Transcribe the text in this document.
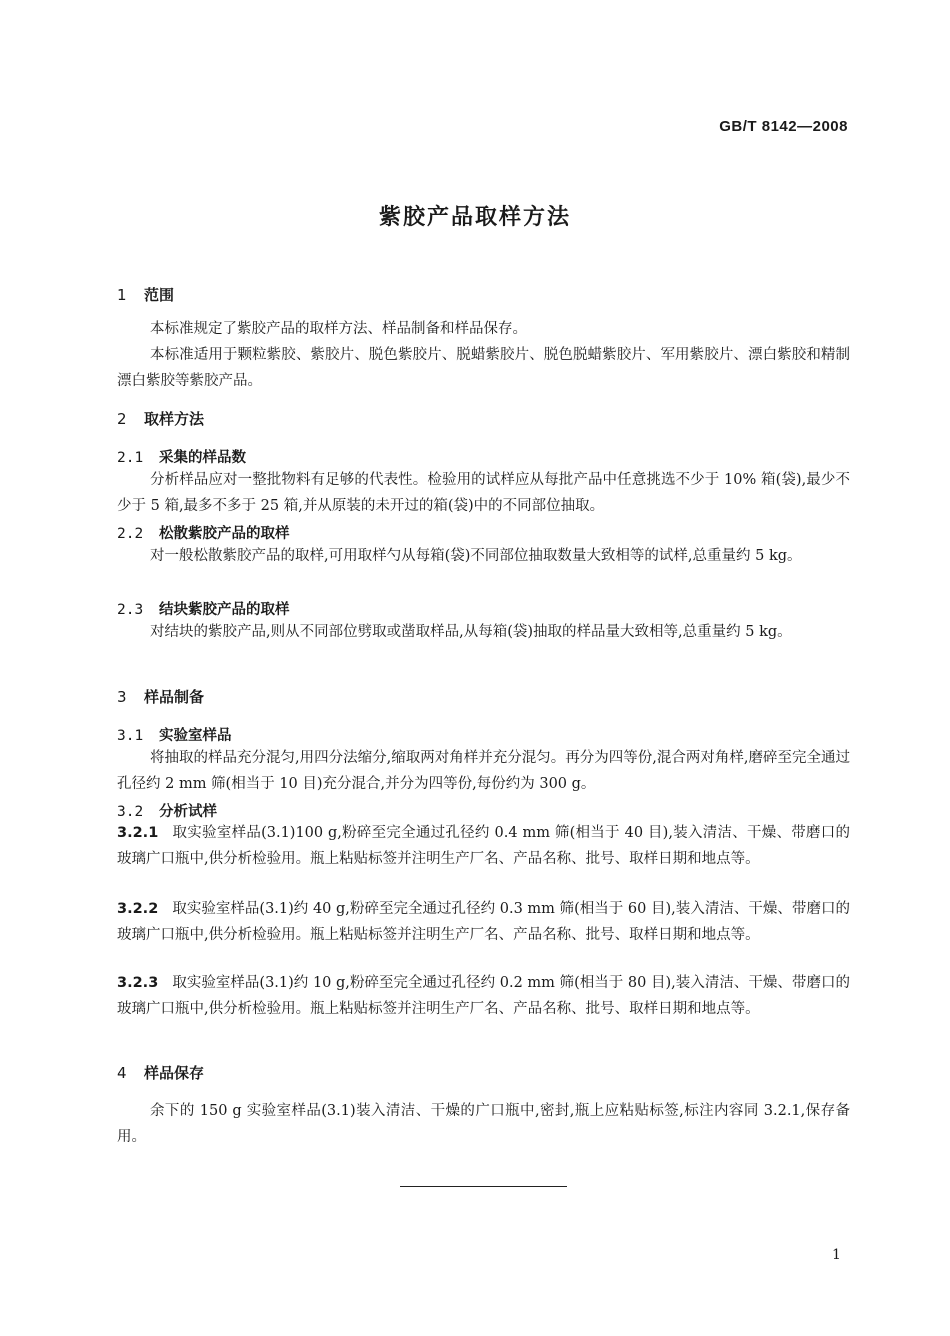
GB/T 8142—2008
紫胶产品取样方法
1 范围
本标准规定了紫胶产品的取样方法、样品制备和样品保存。
本标准适用于颗粒紫胶、紫胶片、脱色紫胶片、脱蜡紫胶片、脱色脱蜡紫胶片、军用紫胶片、漂白紫胶和精制漂白紫胶等紫胶产品。
2 取样方法
2.1 采集的样品数
分析样品应对一整批物料有足够的代表性。检验用的试样应从每批产品中任意挑选不少于 10% 箱(袋),最少不少于 5 箱,最多不多于 25 箱,并从原装的未开过的箱(袋)中的不同部位抽取。
2.2 松散紫胶产品的取样
对一般松散紫胶产品的取样,可用取样勺从每箱(袋)不同部位抽取数量大致相等的试样,总重量约 5 kg。
2.3 结块紫胶产品的取样
对结块的紫胶产品,则从不同部位劈取或凿取样品,从每箱(袋)抽取的样品量大致相等,总重量约 5 kg。
3 样品制备
3.1 实验室样品
将抽取的样品充分混匀,用四分法缩分,缩取两对角样并充分混匀。再分为四等份,混合两对角样,磨碎至完全通过孔径约 2 mm 筛(相当于 10 目)充分混合,并分为四等份,每份约为 300 g。
3.2 分析试样
3.2.1 取实验室样品(3.1)100 g,粉碎至完全通过孔径约 0.4 mm 筛(相当于 40 目),装入清洁、干燥、带磨口的玻璃广口瓶中,供分析检验用。瓶上粘贴标签并注明生产厂名、产品名称、批号、取样日期和地点等。
3.2.2 取实验室样品(3.1)约 40 g,粉碎至完全通过孔径约 0.3 mm 筛(相当于 60 目),装入清洁、干燥、带磨口的玻璃广口瓶中,供分析检验用。瓶上粘贴标签并注明生产厂名、产品名称、批号、取样日期和地点等。
3.2.3 取实验室样品(3.1)约 10 g,粉碎至完全通过孔径约 0.2 mm 筛(相当于 80 目),装入清洁、干燥、带磨口的玻璃广口瓶中,供分析检验用。瓶上粘贴标签并注明生产厂名、产品名称、批号、取样日期和地点等。
4 样品保存
余下的 150 g 实验室样品(3.1)装入清洁、干燥的广口瓶中,密封,瓶上应粘贴标签,标注内容同 3.2.1,保存备用。
1
